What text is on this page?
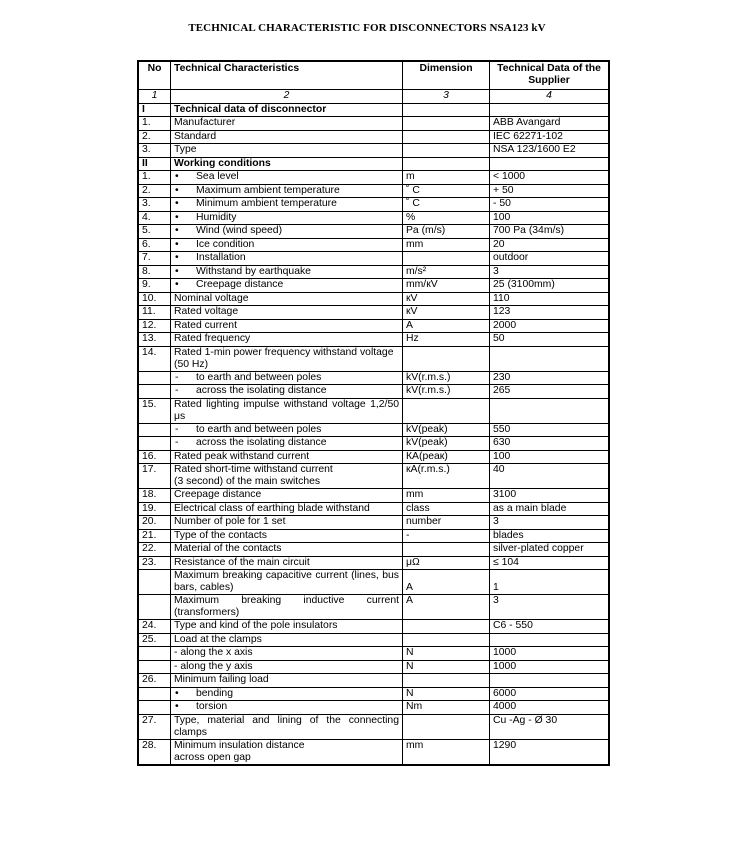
TECHNICAL CHARACTERISTIC FOR DISCONNECTORS NSA123 kV
No	Technical Characteristics	Dimension	Technical Data of the Supplier
1	2	3	4
I	Technical data of disconnector		
1.	Manufacturer		ABB Avangard
2.	Standard		IEC 62271-102
3.	Type		NSA 123/1600 E2
II	Working conditions		
1.	• Sea level	m	< 1000
2.	• Maximum ambient temperature	˚ C	+ 50
3.	• Minimum ambient temperature	˚ C	- 50
4.	• Humidity	%	100
5.	• Wind (wind speed)	Pa (m/s)	700 Pa (34m/s)
6.	• Ice condition	mm	20
7.	• Installation		outdoor
8.	• Withstand by earthquake	m/s²	3
9.	• Creepage distance	mm/кV	25 (3100mm)
10.	Nominal voltage	кV	110
11.	Rated voltage	кV	123
12.	Rated current	А	2000
13.	Rated frequency	Hz	50
14.	Rated 1-min power frequency withstand voltage
(50 Hz)		
	- to earth and between poles	kV(r.m.s.)	230
	- across the isolating distance	kV(r.m.s.)	265
15.	Rated lighting impulse withstand voltage 1,2/50 μs		
	- to earth and between poles	kV(peak)	550
	- across the isolating distance	kV(peak)	630
16.	Rated peak withstand current	КА(реак)	100
17.	Rated short-time withstand current
(3 second) of the main switches	кА(r.m.s.)	40
18.	Creepage distance	mm	3100
19.	Electrical class of earthing blade withstand	class	as a main blade
20.	Number of pole for 1 set	number	3
21.	Type of the contacts	-	blades
22.	Material of the contacts		silver-plated copper
23.	Resistance of the main circuit	μΩ	≤ 104
	Maximum breaking capacitive current (lines, bus bars, cables)	A	1
	Maximum breaking inductive current (transformers)	A	3
24.	Type and kind of the pole insulators		C6 - 550
25.	Load at the clamps		
	- along the x axis	N	1000
	- along the y axis	N	1000
26.	Minimum failing load		
	• bending	N	6000
	• torsion	Nm	4000
27.	Type, material and lining of the connecting clamps		Cu -Ag - Ø 30
28.	Minimum insulation distance
across open gap	mm	1290
